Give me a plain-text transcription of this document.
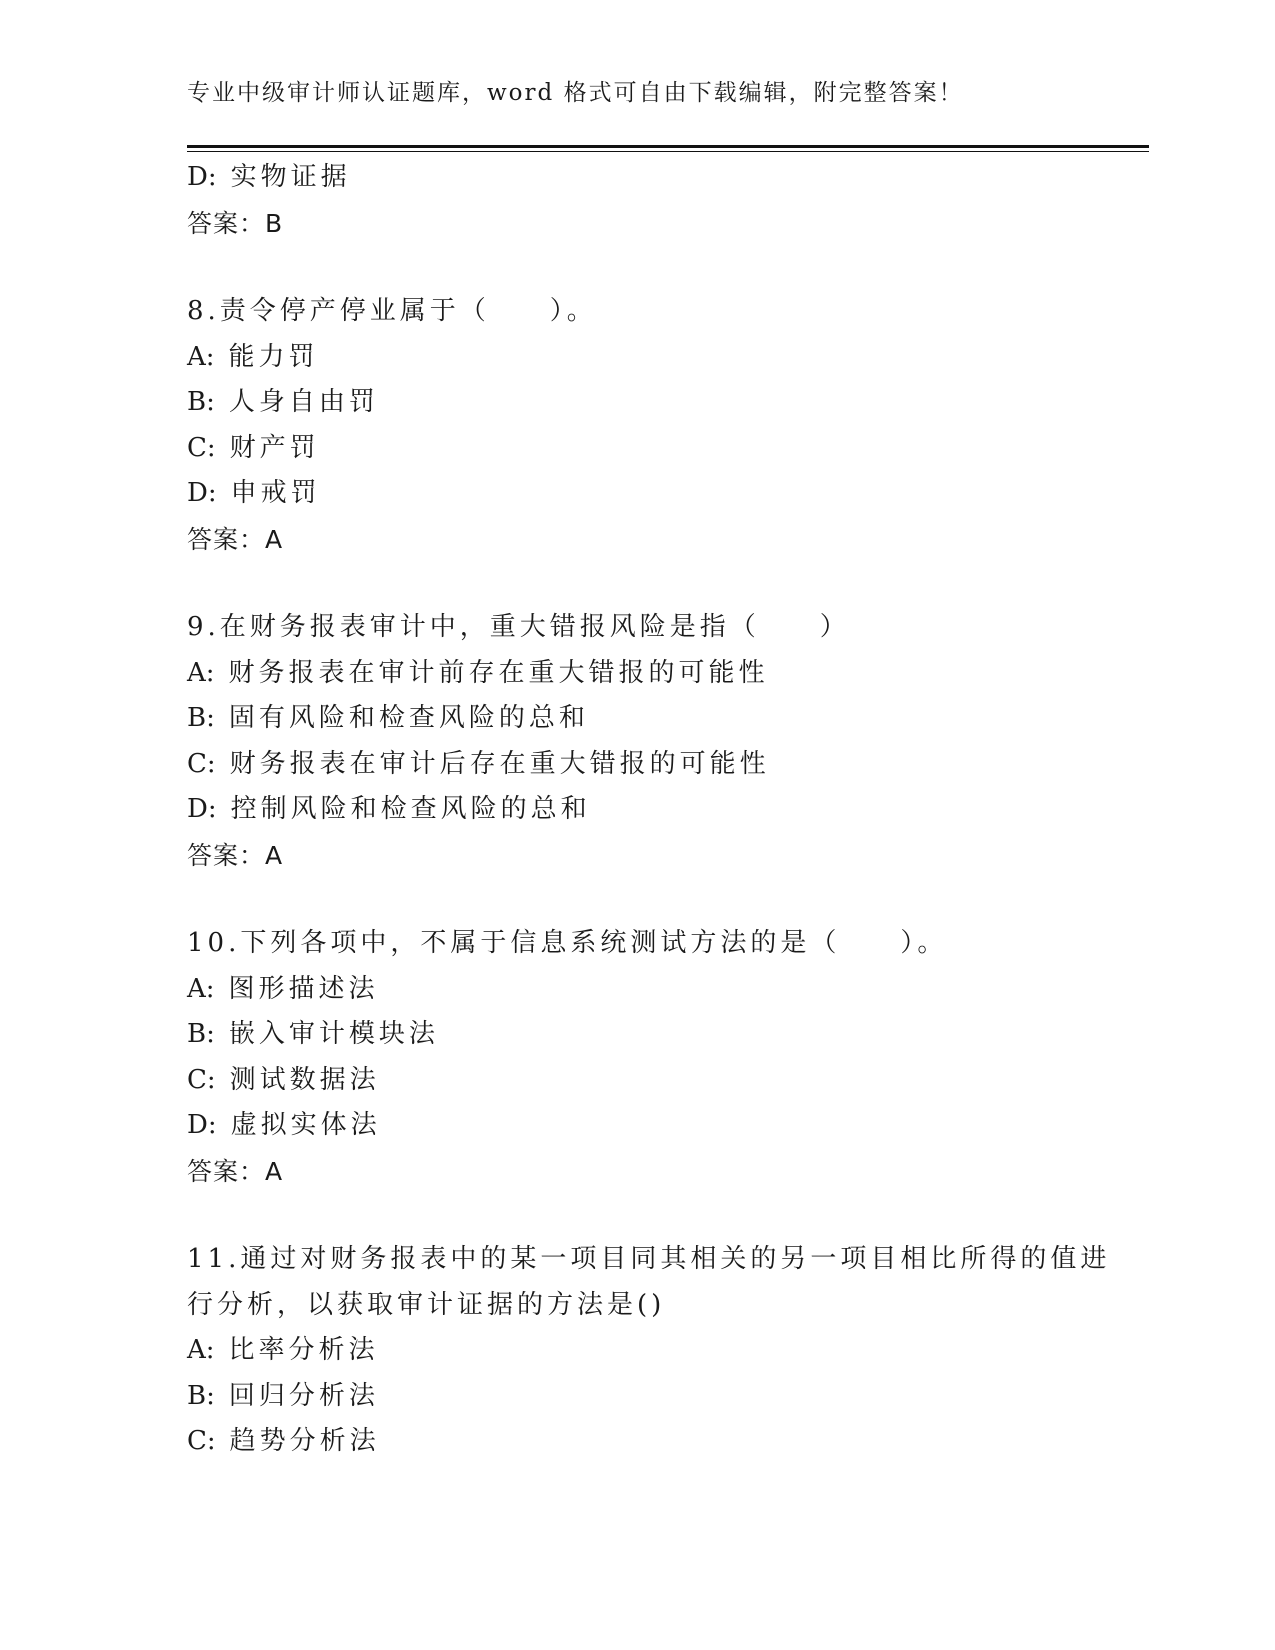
专业中级审计师认证题库，word 格式可自由下载编辑，附完整答案！
D: 实物证据
答案：B
8.责令停产停业属于（　　）。
A: 能力罚
B: 人身自由罚
C: 财产罚
D: 申戒罚
答案：A
9.在财务报表审计中，重大错报风险是指（　　）
A: 财务报表在审计前存在重大错报的可能性
B: 固有风险和检查风险的总和
C: 财务报表在审计后存在重大错报的可能性
D: 控制风险和检查风险的总和
答案：A
10.下列各项中，不属于信息系统测试方法的是（　　）。
A: 图形描述法
B: 嵌入审计模块法
C: 测试数据法
D: 虚拟实体法
答案：A
11.通过对财务报表中的某一项目同其相关的另一项目相比所得的值进
行分析，以获取审计证据的方法是()
A: 比率分析法
B: 回归分析法
C: 趋势分析法
